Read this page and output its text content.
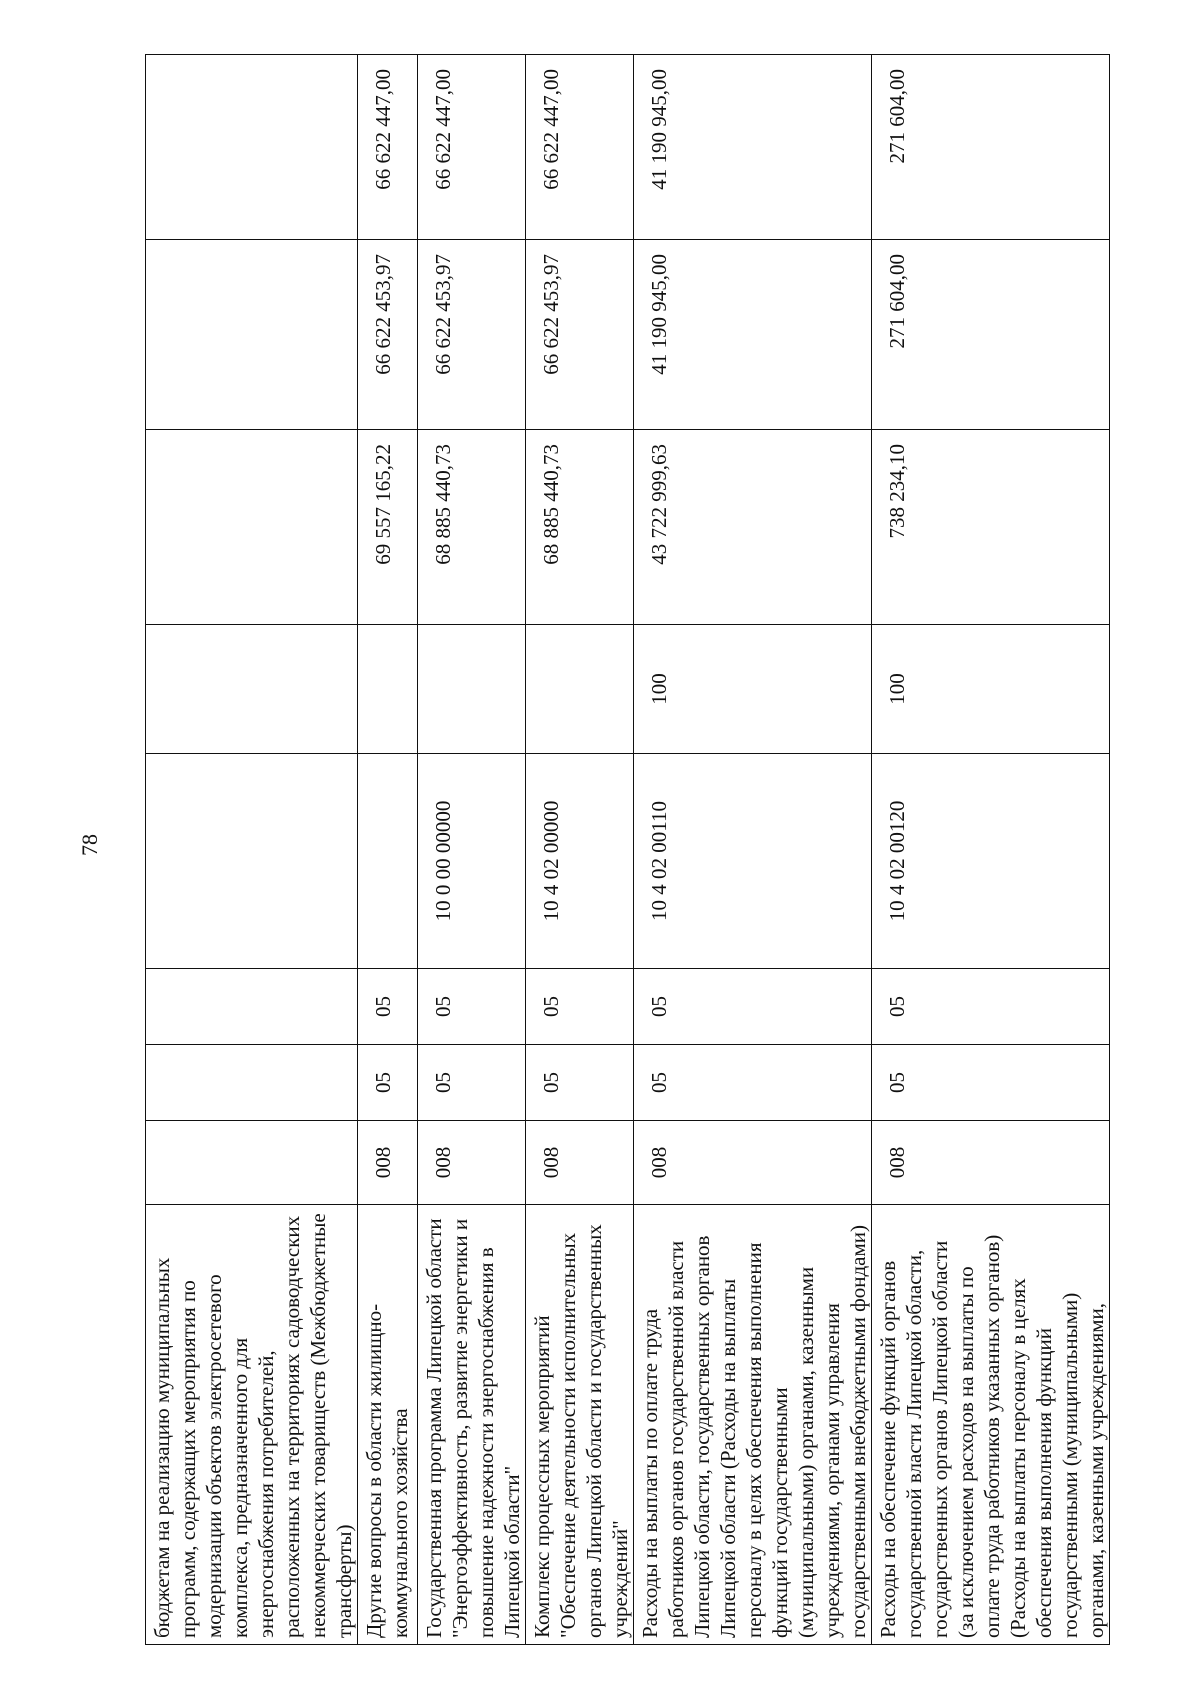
78
бюджетам на реализацию муниципальных программ, содержащих мероприятия по модернизации объектов электросетевого комплекса, предназначенного для энергоснабжения потребителей, расположенных на территориях садоводческих некоммерческих товариществ (Межбюджетные трансферты)								
Другие вопросы в области жилищно-коммунального хозяйства	008	05	05			69 557 165,22	66 622 453,97	66 622 447,00
Государственная программа Липецкой области "Энергоэффективность, развитие энергетики и повышение надежности энергоснабжения в Липецкой области"	008	05	05	10 0 00 00000		68 885 440,73	66 622 453,97	66 622 447,00
Комплекс процессных мероприятий "Обеспечение деятельности исполнительных органов Липецкой области и государственных учреждений"	008	05	05	10 4 02 00000		68 885 440,73	66 622 453,97	66 622 447,00
Расходы на выплаты по оплате труда работников органов государственной власти Липецкой области, государственных органов Липецкой области (Расходы на выплаты персоналу в целях обеспечения выполнения функций государственными (муниципальными) органами, казенными учреждениями, органами управления государственными внебюджетными фондами)	008	05	05	10 4 02 00110	100	43 722 999,63	41 190 945,00	41 190 945,00
Расходы на обеспечение функций органов государственной власти Липецкой области, государственных органов Липецкой области (за исключением расходов на выплаты по оплате труда работников указанных органов) (Расходы на выплаты персоналу в целях обеспечения выполнения функций государственными (муниципальными) органами, казенными учреждениями,	008	05	05	10 4 02 00120	100	738 234,10	271 604,00	271 604,00
